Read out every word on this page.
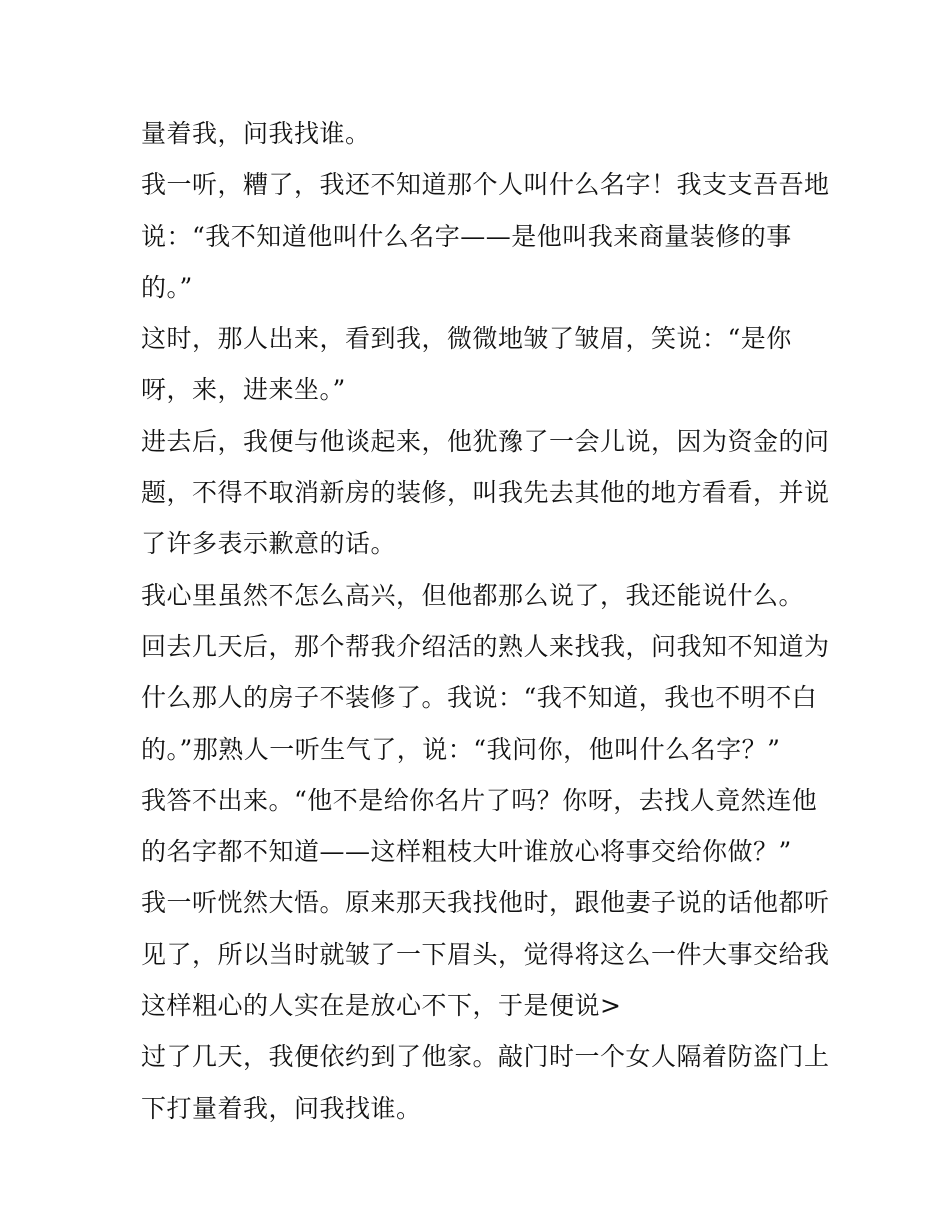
量着我，问我找谁。
我一听，糟了，我还不知道那个人叫什么名字！我支支吾吾地
说：“我不知道他叫什么名字——是他叫我来商量装修的事
的。”
这时，那人出来，看到我，微微地皱了皱眉，笑说：“是你
呀，来，进来坐。”
进去后，我便与他谈起来，他犹豫了一会儿说，因为资金的问
题，不得不取消新房的装修，叫我先去其他的地方看看，并说
了许多表示歉意的话。
我心里虽然不怎么高兴，但他都那么说了，我还能说什么。
回去几天后，那个帮我介绍活的熟人来找我，问我知不知道为
什么那人的房子不装修了。我说：“我不知道，我也不明不白
的。”那熟人一听生气了，说：“我问你，他叫什么名字？”
我答不出来。“他不是给你名片了吗？你呀，去找人竟然连他
的名字都不知道——这样粗枝大叶谁放心将事交给你做？”
我一听恍然大悟。原来那天我找他时，跟他妻子说的话他都听
见了，所以当时就皱了一下眉头，觉得将这么一件大事交给我
这样粗心的人实在是放心不下，于是便说>
过了几天，我便依约到了他家。敲门时一个女人隔着防盗门上
下打量着我，问我找谁。
